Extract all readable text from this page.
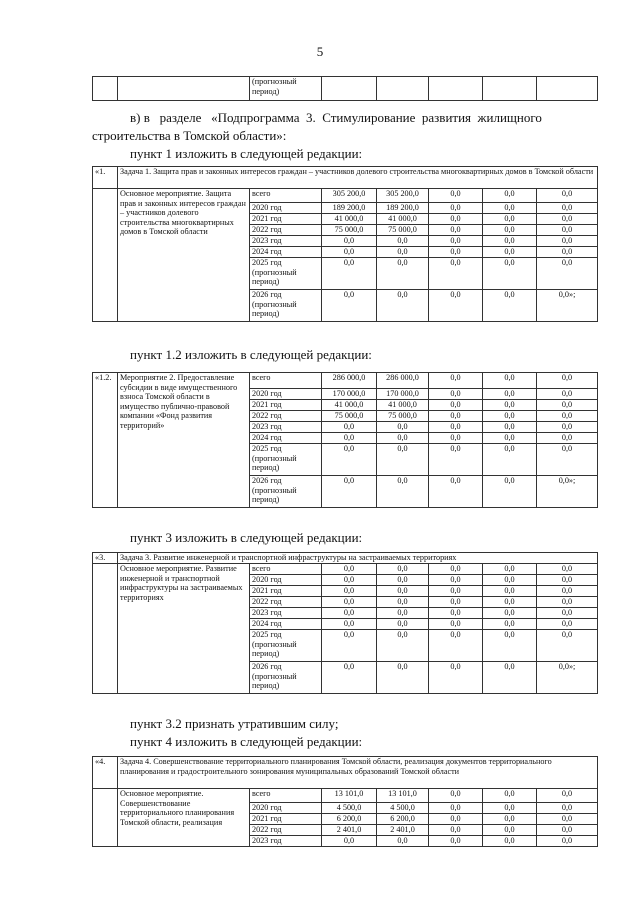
5
		(прогнозный период)					
в) в   разделе   «Подпрограмма  3.  Стимулирование  развития  жилищного
строительства в Томской области»:
пункт 1 изложить в следующей редакции:
«1.	Задача 1. Защита прав и законных интересов граждан – участников долевого строительства многоквартирных домов в Томской области						
	Основное мероприятие. Защита прав и законных интересов граждан – участников долевого строительства многоквартирных домов в Томской области	всего	305 200,0	305 200,0	0,0	0,0	0,0
		2020 год	189 200,0	189 200,0	0,0	0,0	0,0
		2021 год	41 000,0	41 000,0	0,0	0,0	0,0
		2022 год	75 000,0	75 000,0	0,0	0,0	0,0
		2023 год	0,0	0,0	0,0	0,0	0,0
		2024 год	0,0	0,0	0,0	0,0	0,0
		2025 год (прогнозный период)	0,0	0,0	0,0	0,0	0,0
		2026 год (прогнозный период)	0,0	0,0	0,0	0,0	0,0»;
пункт 1.2 изложить в следующей редакции:
«1.2.	Мероприятие 2. Предоставление субсидии в виде имущественного взноса Томской области в имущество публично-правовой компании «Фонд развития территорий»	всего	286 000,0	286 000,0	0,0	0,0	0,0
		2020 год	170 000,0	170 000,0	0,0	0,0	0,0
		2021 год	41 000,0	41 000,0	0,0	0,0	0,0
		2022 год	75 000,0	75 000,0	0,0	0,0	0,0
		2023 год	0,0	0,0	0,0	0,0	0,0
		2024 год	0,0	0,0	0,0	0,0	0,0
		2025 год (прогнозный период)	0,0	0,0	0,0	0,0	0,0
		2026 год (прогнозный период)	0,0	0,0	0,0	0,0	0,0»;
пункт 3 изложить в следующей редакции:
«3.	Задача 3. Развитие инженерной и транспортной инфраструктуры на застраиваемых территориях						
	Основное мероприятие. Развитие инженерной и транспортной инфраструктуры на застраиваемых территориях	всего	0,0	0,0	0,0	0,0	0,0
		2020 год	0,0	0,0	0,0	0,0	0,0
		2021 год	0,0	0,0	0,0	0,0	0,0
		2022 год	0,0	0,0	0,0	0,0	0,0
		2023 год	0,0	0,0	0,0	0,0	0,0
		2024 год	0,0	0,0	0,0	0,0	0,0
		2025 год (прогнозный период)	0,0	0,0	0,0	0,0	0,0
		2026 год (прогнозный период)	0,0	0,0	0,0	0,0	0,0»;
пункт 3.2 признать утратившим силу;
пункт 4 изложить в следующей редакции:
«4.	Задача 4. Совершенствование территориального планирования Томской области, реализация документов территориального планирования и градостроительного зонирования муниципальных образований Томской области						
	Основное мероприятие. Совершенствование территориального планирования Томской области, реализация	всего	13 101,0	13 101,0	0,0	0,0	0,0
		2020 год	4 500,0	4 500,0	0,0	0,0	0,0
		2021 год	6 200,0	6 200,0	0,0	0,0	0,0
		2022 год	2 401,0	2 401,0	0,0	0,0	0,0
		2023 год	0,0	0,0	0,0	0,0	0,0
